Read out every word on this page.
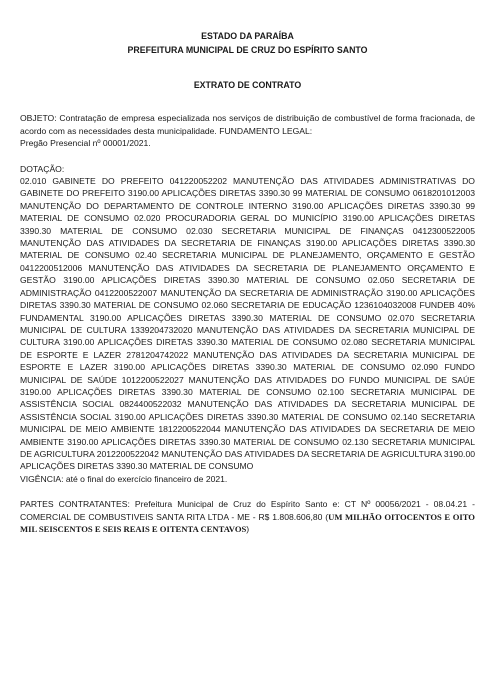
ESTADO DA PARAÍBA

PREFEITURA MUNICIPAL DE CRUZ DO ESPÍRITO SANTO

EXTRATO DE CONTRATO

OBJETO: Contratação de empresa especializada nos serviços de distribuição de combustível de forma fracionada, de acordo com as necessidades desta municipalidade. FUNDAMENTO LEGAL:

Pregão Presencial nº 00001/2021.

DOTAÇÃO:

02.010 GABINETE DO PREFEITO 041220052202 MANUTENÇÃO DAS ATIVIDADES ADMINISTRATIVAS DO GABINETE DO PREFEITO 3190.00 APLICAÇÕES DIRETAS 3390.30 99 MATERIAL DE CONSUMO 0618201012003 MANUTENÇÃO DO DEPARTAMENTO DE CONTROLE INTERNO 3190.00 APLICAÇÕES DIRETAS 3390.30 99 MATERIAL DE CONSUMO 02.020 PROCURADORIA GERAL DO MUNICÍPIO 3190.00 APLICAÇÕES DIRETAS 3390.30 MATERIAL DE CONSUMO 02.030 SECRETARIA MUNICIPAL DE FINANÇAS 0412300522005 MANUTENÇÃO DAS ATIVIDADES DA SECRETARIA DE FINANÇAS 3190.00 APLICAÇÕES DIRETAS 3390.30 MATERIAL DE CONSUMO 02.40 SECRETARIA MUNICIPAL DE PLANEJAMENTO, ORÇAMENTO E GESTÃO 0412200512006 MANUTENÇÃO DAS ATIVIDADES DA SECRETARIA DE PLANEJAMENTO ORÇAMENTO E GESTÃO 3190.00 APLICAÇÕES DIRETAS 3390.30 MATERIAL DE CONSUMO 02.050 SECRETARIA DE ADMINISTRAÇÃO 0412200522007 MANUTENÇÃO DA SECRETARIA DE ADMINISTRAÇÃO 3190.00 APLICAÇÕES DIRETAS 3390.30 MATERIAL DE CONSUMO 02.060 SECRETARIA DE EDUCAÇÃO 1236104032008 FUNDEB 40% FUNDAMENTAL 3190.00 APLICAÇÕES DIRETAS 3390.30 MATERIAL DE CONSUMO 02.070 SECRETARIA MUNICIPAL DE CULTURA 1339204732020 MANUTENÇÃO DAS ATIVIDADES DA SECRETARIA MUNICIPAL DE CULTURA 3190.00 APLICAÇÕES DIRETAS 3390.30 MATERIAL DE CONSUMO 02.080 SECRETARIA MUNICIPAL DE ESPORTE E LAZER 2781204742022 MANUTENÇÃO DAS ATIVIDADES DA SECRETARIA MUNICIPAL DE ESPORTE E LAZER 3190.00 APLICAÇÕES DIRETAS 3390.30 MATERIAL DE CONSUMO 02.090 FUNDO MUNICIPAL DE SAÚDE 1012200522027 MANUTENÇÃO DAS ATIVIDADES DO FUNDO MUNICIPAL DE SAÚE 3190.00 APLICAÇÕES DIRETAS 3390.30 MATERIAL DE CONSUMO 02.100 SECRETARIA MUNICIPAL DE ASSISTÊNCIA SOCIAL 0824400522032 MANUTENÇÃO DAS ATIVIDADES DA SECRETARIA MUNICIPAL DE ASSISTÊNCIA SOCIAL 3190.00 APLICAÇÕES DIRETAS 3390.30 MATERIAL DE CONSUMO 02.140 SECRETARIA MUNICIPAL DE MEIO AMBIENTE 1812200522044 MANUTENÇÃO DAS ATIVIDADES DA SECRETARIA DE MEIO AMBIENTE 3190.00 APLICAÇÕES DIRETAS 3390.30 MATERIAL DE CONSUMO 02.130 SECRETARIA MUNICIPAL DE AGRICULTURA 2012200522042 MANUTENÇÃO DAS ATIVIDADES DA SECRETARIA DE AGRICULTURA 3190.00 APLICAÇÕES DIRETAS 3390.30 MATERIAL DE CONSUMO

VIGÊNCIA: até o final do exercício financeiro de 2021.

PARTES CONTRATANTES: Prefeitura Municipal de Cruz do Espírito Santo e: CT Nº 00056/2021 - 08.04.21 - COMERCIAL DE COMBUSTIVEIS SANTA RITA LTDA - ME - R$ 1.808.606,80 (UM MILHÃO OITOCENTOS E OITO MIL SEISCENTOS E SEIS REAIS E OITENTA CENTAVOS)
